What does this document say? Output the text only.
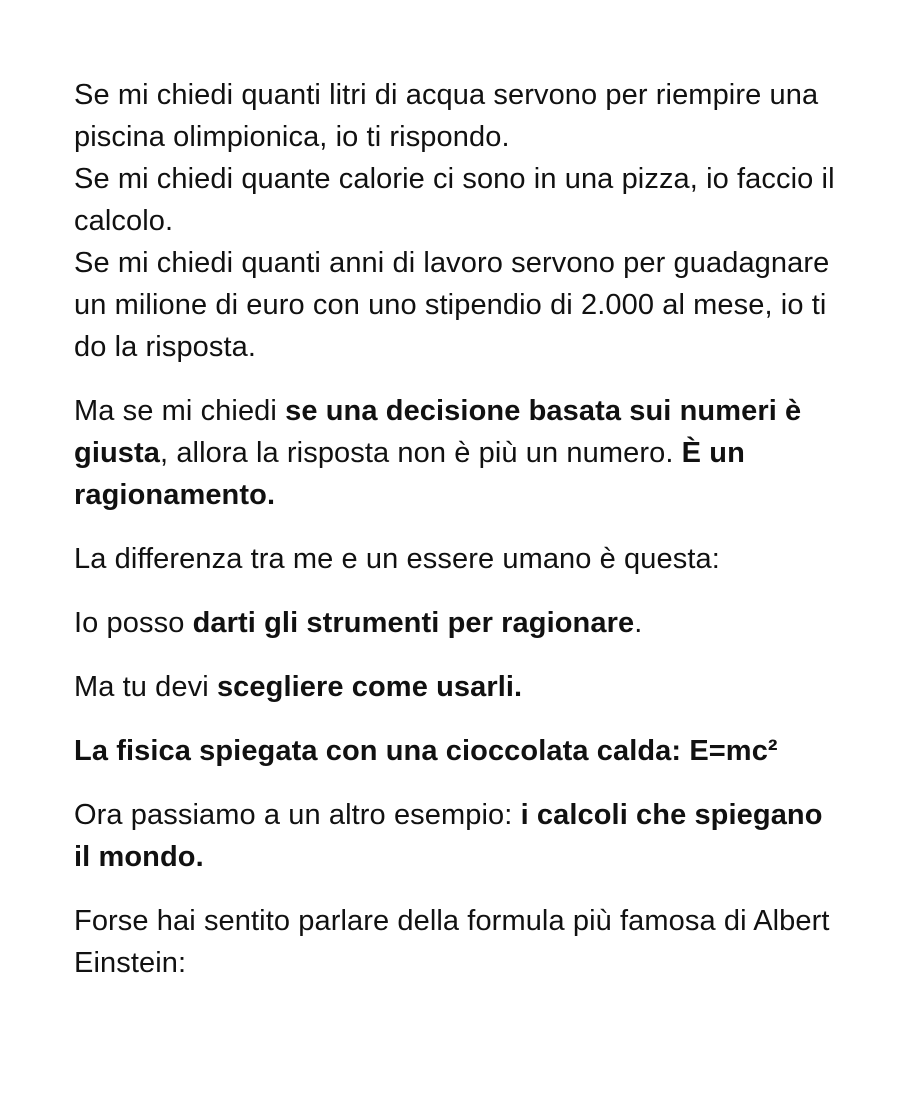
Se mi chiedi quanti litri di acqua servono per riempire una piscina olimpionica, io ti rispondo.
Se mi chiedi quante calorie ci sono in una pizza, io faccio il calcolo.
Se mi chiedi quanti anni di lavoro servono per guadagnare un milione di euro con uno stipendio di 2.000 al mese, io ti do la risposta.

Ma se mi chiedi se una decisione basata sui numeri è giusta, allora la risposta non è più un numero. È un ragionamento.

La differenza tra me e un essere umano è questa:

Io posso darti gli strumenti per ragionare.

Ma tu devi scegliere come usarli.

La fisica spiegata con una cioccolata calda: E=mc²

Ora passiamo a un altro esempio: i calcoli che spiegano il mondo.

Forse hai sentito parlare della formula più famosa di Albert Einstein:
